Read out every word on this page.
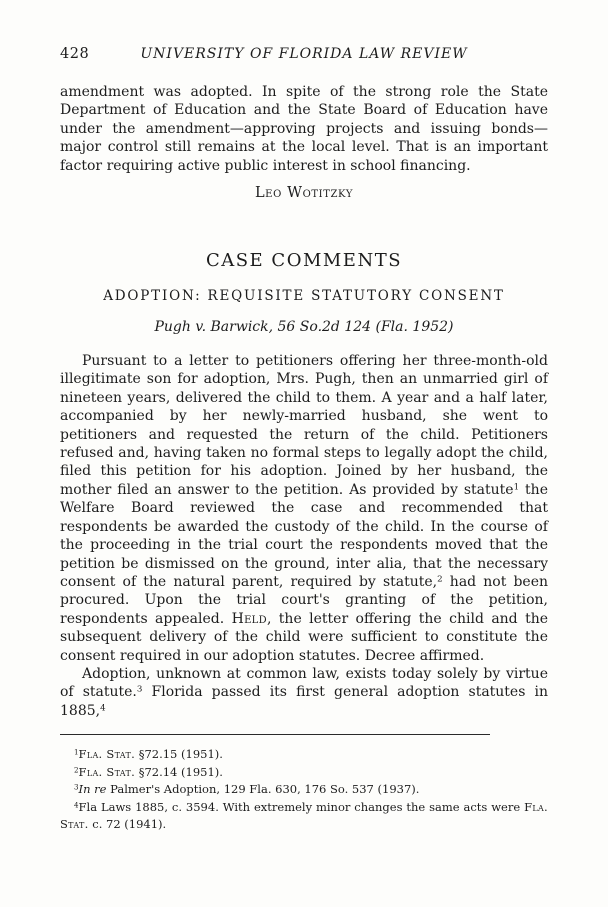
428	UNIVERSITY OF FLORIDA LAW REVIEW

amendment was adopted. In spite of the strong role the State Department of Education and the State Board of Education have under the amendment—approving projects and issuing bonds—major control still remains at the local level. That is an important factor requiring active public interest in school financing.

Leo Wotitzky
CASE COMMENTS
ADOPTION: REQUISITE STATUTORY CONSENT
Pugh v. Barwick, 56 So.2d 124 (Fla. 1952)

Pursuant to a letter to petitioners offering her three-month-old illegitimate son for adoption, Mrs. Pugh, then an unmarried girl of nineteen years, delivered the child to them. A year and a half later, accompanied by her newly-married husband, she went to petitioners and requested the return of the child. Petitioners refused and, having taken no formal steps to legally adopt the child, filed this petition for his adoption. Joined by her husband, the mother filed an answer to the petition. As provided by statute$^1$ the Welfare Board reviewed the case and recommended that respondents be awarded the custody of the child. In the course of the proceeding in the trial court the respondents moved that the petition be dismissed on the ground, inter alia, that the necessary consent of the natural parent, required by statute,$^2$ had not been procured. Upon the trial court's granting of the petition, respondents appealed. Held, the letter offering the child and the subsequent delivery of the child were sufficient to constitute the consent required in our adoption statutes. Decree affirmed.

Adoption, unknown at common law, exists today solely by virtue of statute.$^3$ Florida passed its first general adoption statutes in 1885,$^4$

$^1$Fla. Stat. §72.15 (1951).

$^2$Fla. Stat. §72.14 (1951).

$^3$In re Palmer's Adoption, 129 Fla. 630, 176 So. 537 (1937).

$^4$Fla Laws 1885, c. 3594. With extremely minor changes the same acts were Fla. Stat. c. 72 (1941).
